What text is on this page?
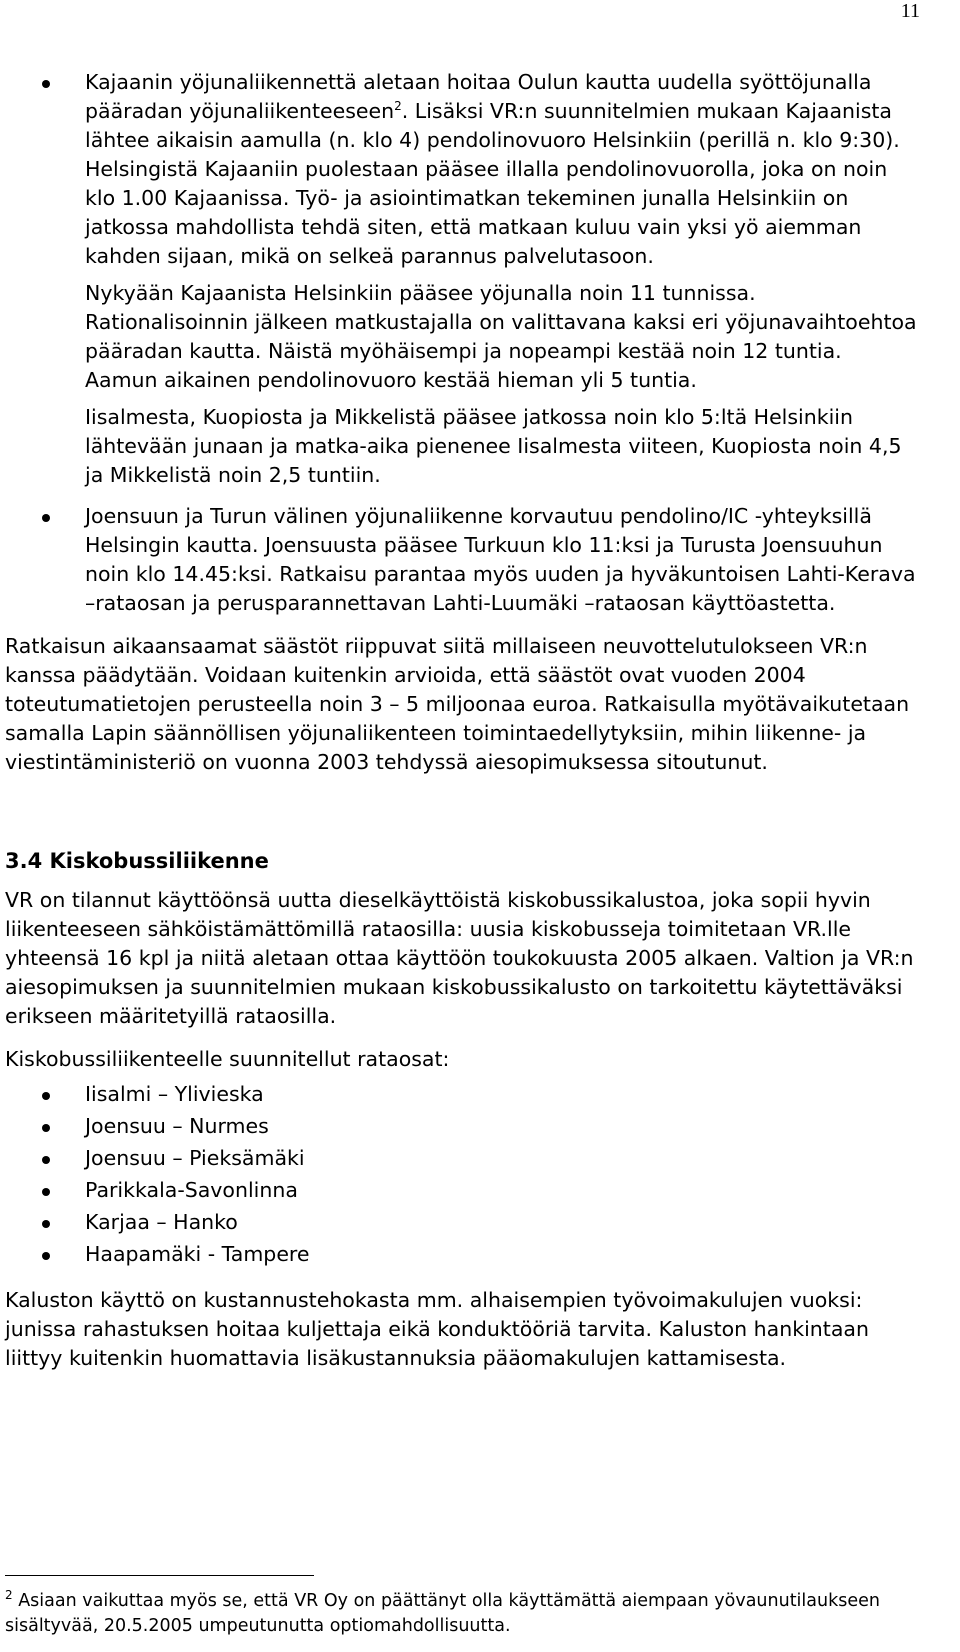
11

Kajaanin yöjunaliikennettä aletaan hoitaa Oulun kautta uudella syöttöjunalla pääradan yöjunaliikenteeseen$^2$. Lisäksi VR:n suunnitelmien mukaan Kajaanista lähtee aikaisin aamulla (n. klo 4) pendolinovuoro Helsinkiin (perillä n. klo 9:30). Helsingistä Kajaaniin puolestaan pääsee illalla pendolinovuorolla, joka on noin klo 1.00 Kajaanissa. Työ- ja asiointimatkan tekeminen junalla Helsinkiin on jatkossa mahdollista tehdä siten, että matkaan kuluu vain yksi yö aiemman kahden sijaan, mikä on selkeä parannus palvelutasoon.

Nykyään Kajaanista Helsinkiin pääsee yöjunalla noin 11 tunnissa. Rationalisoinnin jälkeen matkustajalla on valittavana kaksi eri yöjunavaihtoehtoa pääradan kautta. Näistä myöhäisempi ja nopeampi kestää noin 12 tuntia. Aamun aikainen pendolinovuoro kestää hieman yli 5 tuntia.

Iisalmesta, Kuopiosta ja Mikkelistä pääsee jatkossa noin klo 5:ltä Helsinkiin lähtevään junaan ja matka-aika pienenee Iisalmesta viiteen, Kuopiosta noin 4,5 ja Mikkelistä noin 2,5 tuntiin.

Joensuun ja Turun välinen yöjunaliikenne korvautuu pendolino/IC -yhteyksillä Helsingin kautta. Joensuusta pääsee Turkuun klo 11:ksi ja Turusta Joensuuhun noin klo 14.45:ksi. Ratkaisu parantaa myös uuden ja hyväkuntoisen Lahti-Kerava –rataosan ja perusparannettavan Lahti-Luumäki –rataosan käyttöastetta.

Ratkaisun aikaansaamat säästöt riippuvat siitä millaiseen neuvottelutulokseen VR:n kanssa päädytään. Voidaan kuitenkin arvioida, että säästöt ovat vuoden 2004 toteutumatietojen perusteella noin 3 – 5 miljoonaa euroa. Ratkaisulla myötävaikutetaan samalla Lapin säännöllisen yöjunaliikenteen toimintaedellytyksiin, mihin liikenne- ja viestintäministeriö on vuonna 2003 tehdyssä aiesopimuksessa sitoutunut.

3.4 Kiskobussiliikenne

VR on tilannut käyttöönsä uutta dieselkäyttöistä kiskobussikalustoa, joka sopii hyvin liikenteeseen sähköistämättömillä rataosilla: uusia kiskobusseja toimitetaan VR.lle yhteensä 16 kpl ja niitä aletaan ottaa käyttöön toukokuusta 2005 alkaen. Valtion ja VR:n aiesopimuksen ja suunnitelmien mukaan kiskobussikalusto on tarkoitettu käytettäväksi erikseen määritetyillä rataosilla.

Kiskobussiliikenteelle suunnitellut rataosat:

Iisalmi – Ylivieska
Joensuu – Nurmes
Joensuu – Pieksämäki
Parikkala-Savonlinna
Karjaa – Hanko
Haapamäki - Tampere

Kaluston käyttö on kustannustehokasta mm. alhaisempien työvoimakulujen vuoksi: junissa rahastuksen hoitaa kuljettaja eikä konduktööriä tarvita. Kaluston hankintaan liittyy kuitenkin huomattavia lisäkustannuksia pääomakulujen kattamisesta.

$^2$ Asiaan vaikuttaa myös se, että VR Oy on päättänyt olla käyttämättä aiempaan yövaunutilaukseen sisältyvää, 20.5.2005 umpeutunutta optiomahdollisuutta.
